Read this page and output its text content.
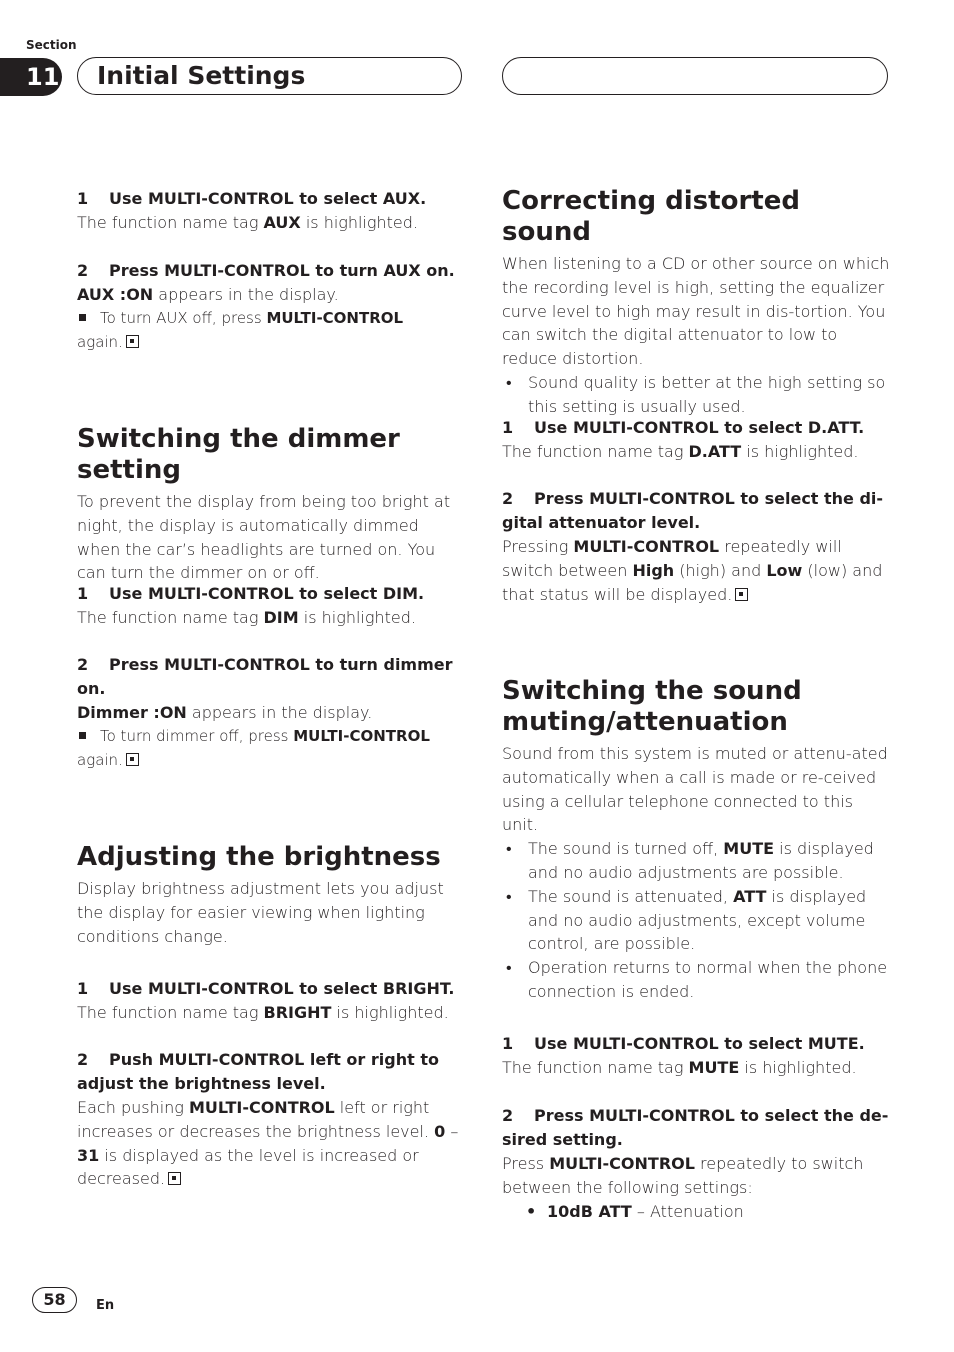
Section
11 Initial Settings

1 Use MULTI-CONTROL to select AUX.

The function name tag AUX is highlighted.

2 Press MULTI-CONTROL to turn AUX on.

AUX :ON appears in the display.

To turn AUX off, press MULTI-CONTROL

again.

Switching the dimmer setting

To prevent the display from being too bright at night, the display is automatically dimmed when the car’s headlights are turned on. You can turn the dimmer on or off.

1 Use MULTI-CONTROL to select DIM.

The function name tag DIM is highlighted.

2 Press MULTI-CONTROL to turn dimmer

on.

Dimmer :ON appears in the display.

To turn dimmer off, press MULTI-CONTROL

again.

Adjusting the brightness

Display brightness adjustment lets you adjust the display for easier viewing when lighting conditions change.

1 Use MULTI-CONTROL to select BRIGHT.

The function name tag BRIGHT is highlighted.

2 Push MULTI-CONTROL left or right to

adjust the brightness level.

Each pushing MULTI-CONTROL left or right increases or decreases the brightness level. 0 – 31 is displayed as the level is increased or decreased.

Correcting distorted sound

When listening to a CD or other source on which the recording level is high, setting the equalizer curve level to high may result in dis-tortion. You can switch the digital attenuator to low to reduce distortion.

• Sound quality is better at the high setting so this setting is usually used.

1 Use MULTI-CONTROL to select D.ATT.

The function name tag D.ATT is highlighted.

2 Press MULTI-CONTROL to select the di-

gital attenuator level.

Pressing MULTI-CONTROL repeatedly will switch between High (high) and Low (low) and that status will be displayed.

Switching the sound
muting/attenuation

Sound from this system is muted or attenu-ated automatically when a call is made or re-ceived using a cellular telephone connected to this unit.

• The sound is turned off, MUTE is displayed and no audio adjustments are possible.
• The sound is attenuated, ATT is displayed and no audio adjustments, except volume control, are possible.
• Operation returns to normal when the phone connection is ended.

1 Use MULTI-CONTROL to select MUTE.

The function name tag MUTE is highlighted.

2 Press MULTI-CONTROL to select the de-

sired setting.

Press MULTI-CONTROL repeatedly to switch between the following settings:

• 10dB ATT – Attenuation
58	En
